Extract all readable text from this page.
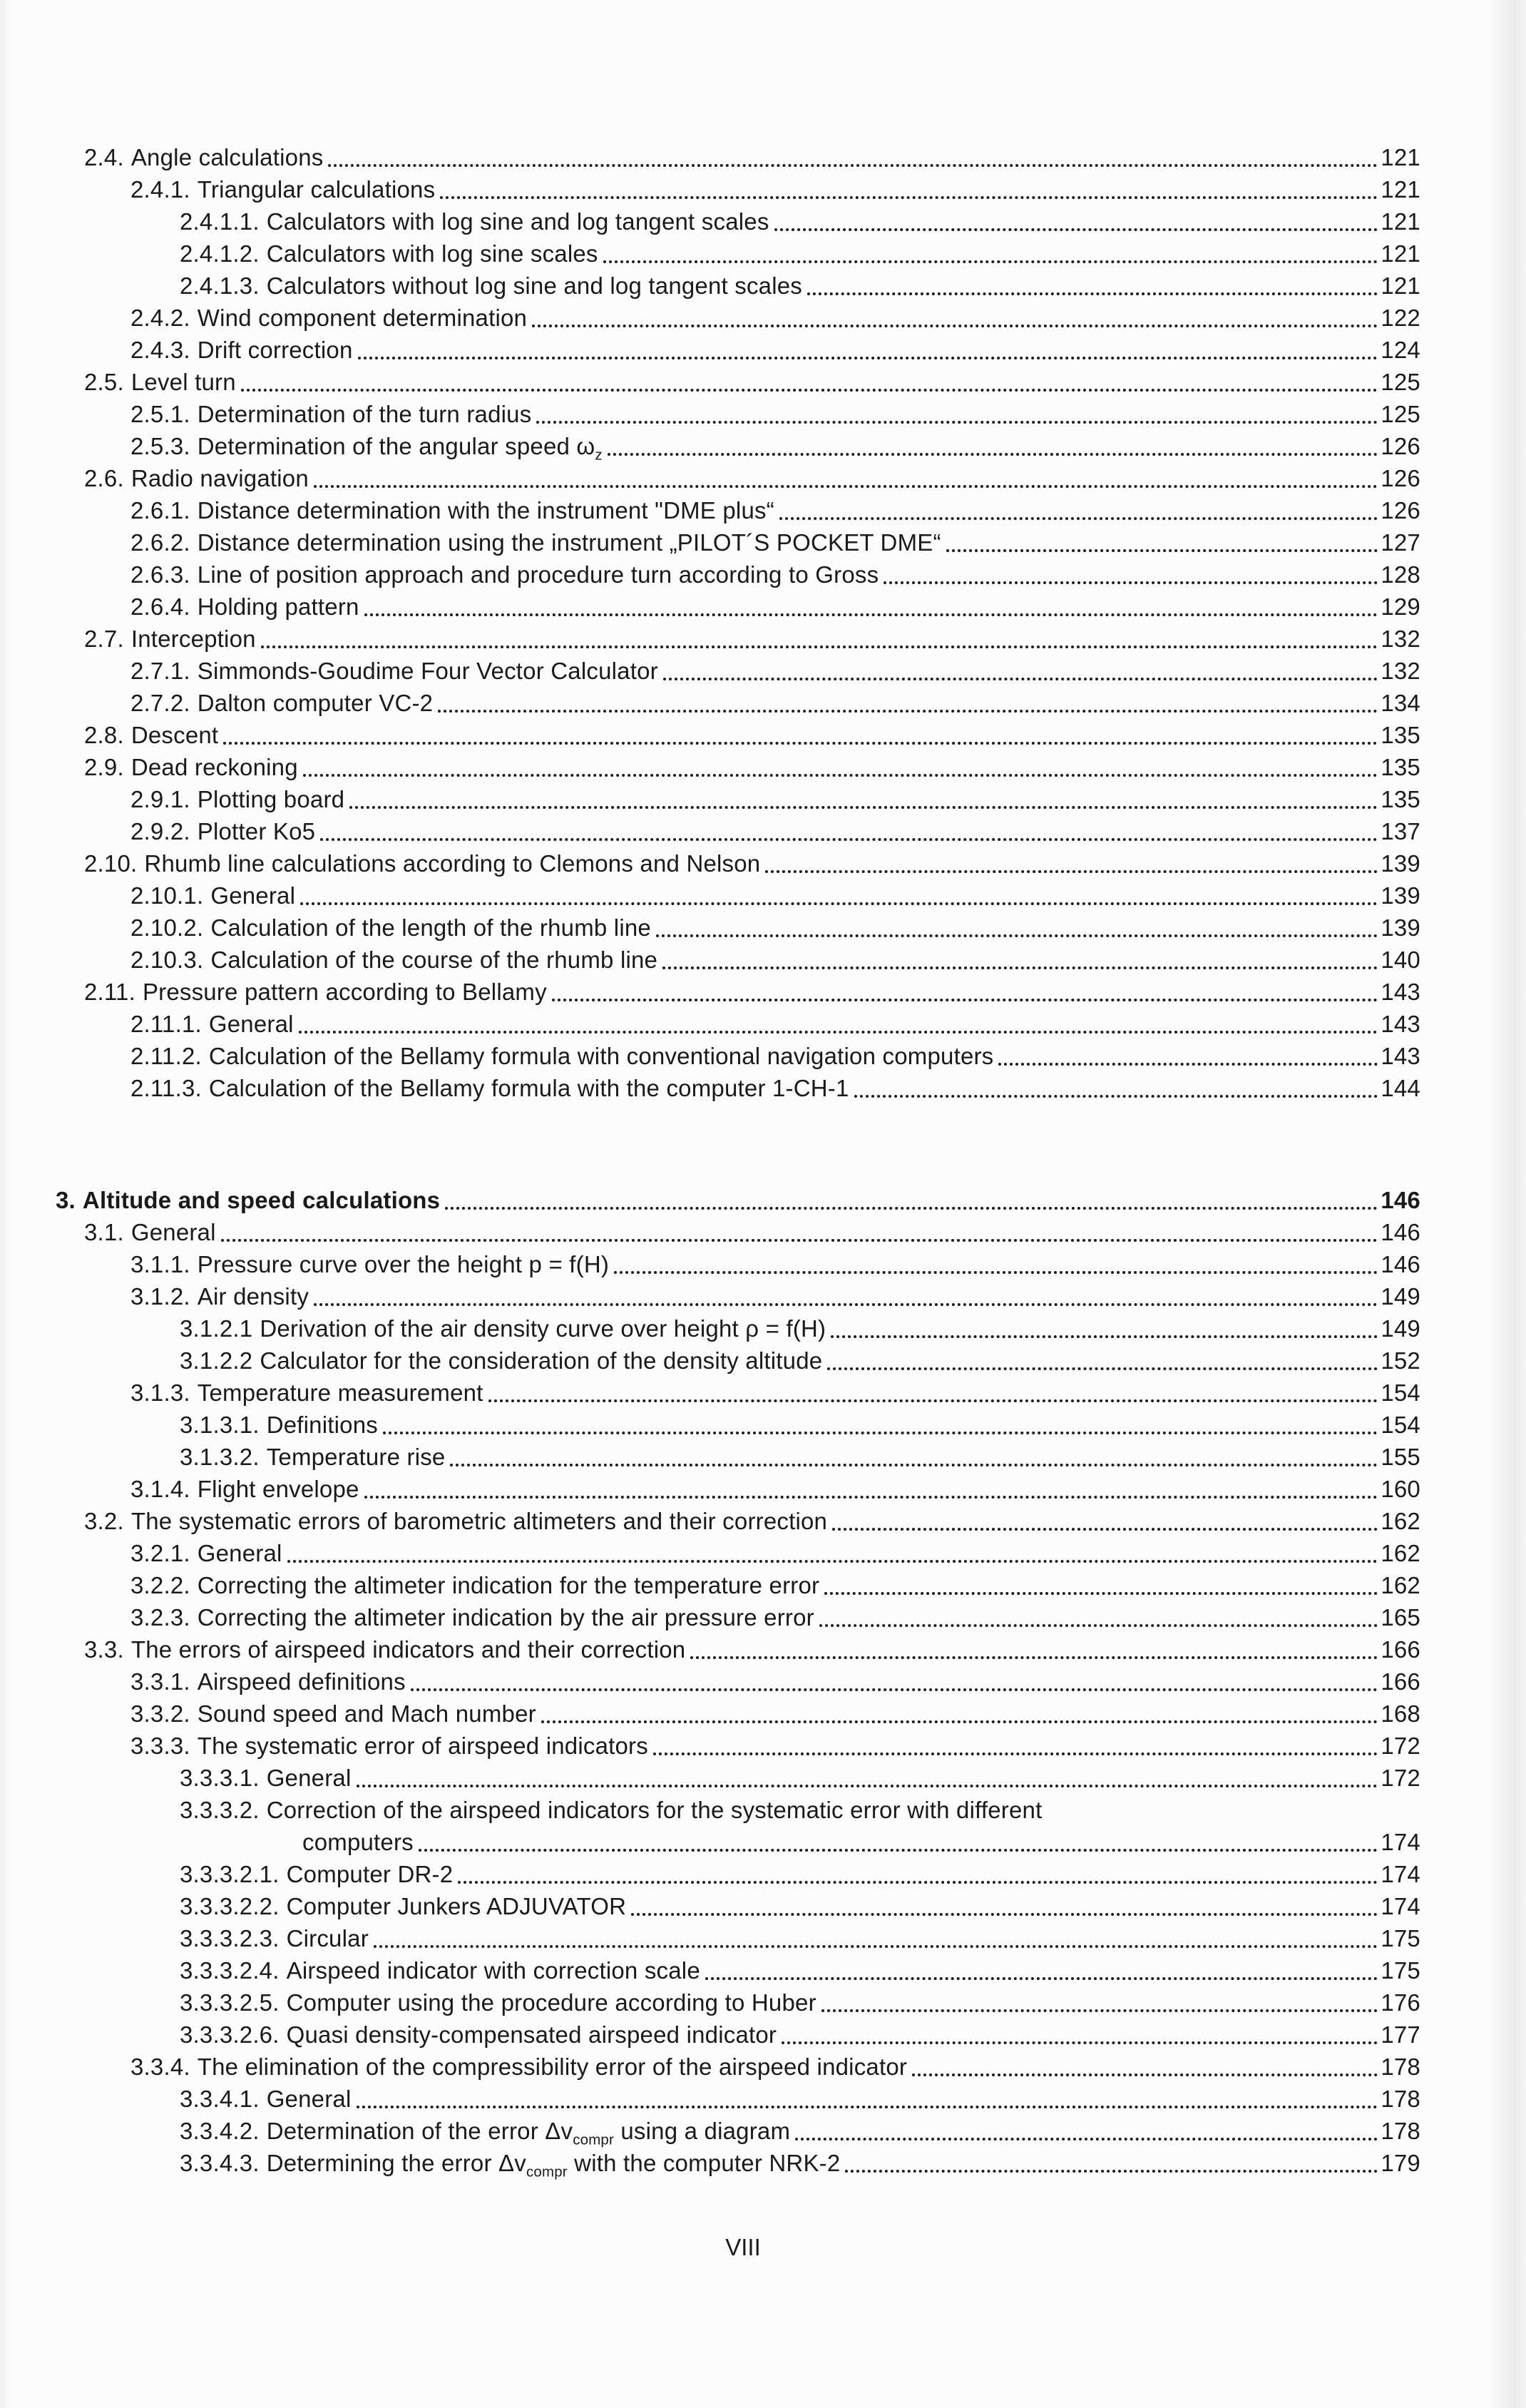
2.4. Angle calculations	121
2.4.1. Triangular calculations	121
2.4.1.1. Calculators with log sine and log tangent scales	121
2.4.1.2. Calculators with log sine scales	121
2.4.1.3. Calculators without log sine and log tangent scales	121
2.4.2. Wind component determination	122
2.4.3. Drift correction	124
2.5. Level turn	125
2.5.1. Determination of the turn radius	125
2.5.3. Determination of the angular speed $\omega_z$	126
2.6. Radio navigation	126
2.6.1. Distance determination with the instrument "DME plus“	126
2.6.2. Distance determination using the instrument „PILOT´S POCKET DME“	127
2.6.3. Line of position approach and procedure turn according to Gross	128
2.6.4. Holding pattern	129
2.7. Interception	132
2.7.1. Simmonds-Goudime Four Vector Calculator	132
2.7.2. Dalton computer VC-2	134
2.8. Descent	135
2.9. Dead reckoning	135
2.9.1. Plotting board	135
2.9.2. Plotter Ko5	137
2.10. Rhumb line calculations according to Clemons and Nelson	139
2.10.1. General	139
2.10.2. Calculation of the length of the rhumb line	139
2.10.3. Calculation of the course of the rhumb line	140
2.11. Pressure pattern according to Bellamy	143
2.11.1. General	143
2.11.2. Calculation of the Bellamy formula with conventional navigation computers	143
2.11.3. Calculation of the Bellamy formula with the computer 1-CH-1	144
3. Altitude and speed calculations	146
3.1. General	146
3.1.1. Pressure curve over the height p = f(H)	146
3.1.2. Air density	149
3.1.2.1 Derivation of the air density curve over height ρ = f(H)	149
3.1.2.2 Calculator for the consideration of the density altitude	152
3.1.3. Temperature measurement	154
3.1.3.1. Definitions	154
3.1.3.2. Temperature rise	155
3.1.4. Flight envelope	160
3.2. The systematic errors of barometric altimeters and their correction	162
3.2.1. General	162
3.2.2. Correcting the altimeter indication for the temperature error	162
3.2.3. Correcting the altimeter indication by the air pressure error	165
3.3. The errors of airspeed indicators and their correction	166
3.3.1. Airspeed definitions	166
3.3.2. Sound speed and Mach number	168
3.3.3. The systematic error of airspeed indicators	172
3.3.3.1. General	172
3.3.3.2. Correction of the airspeed indicators for the systematic error with different
computers	174
3.3.3.2.1. Computer DR-2	174
3.3.3.2.2. Computer Junkers ADJUVATOR	174
3.3.3.2.3. Circular	175
3.3.3.2.4. Airspeed indicator with correction scale	175
3.3.3.2.5. Computer using the procedure according to Huber	176
3.3.3.2.6. Quasi density-compensated airspeed indicator	177
3.3.4. The elimination of the compressibility error of the airspeed indicator	178
3.3.4.1. General	178
3.3.4.2. Determination of the error $\Delta v_{compr}$ using a diagram	178
3.3.4.3. Determining the error $\Delta v_{compr}$ with the computer NRK-2	179
VIII
